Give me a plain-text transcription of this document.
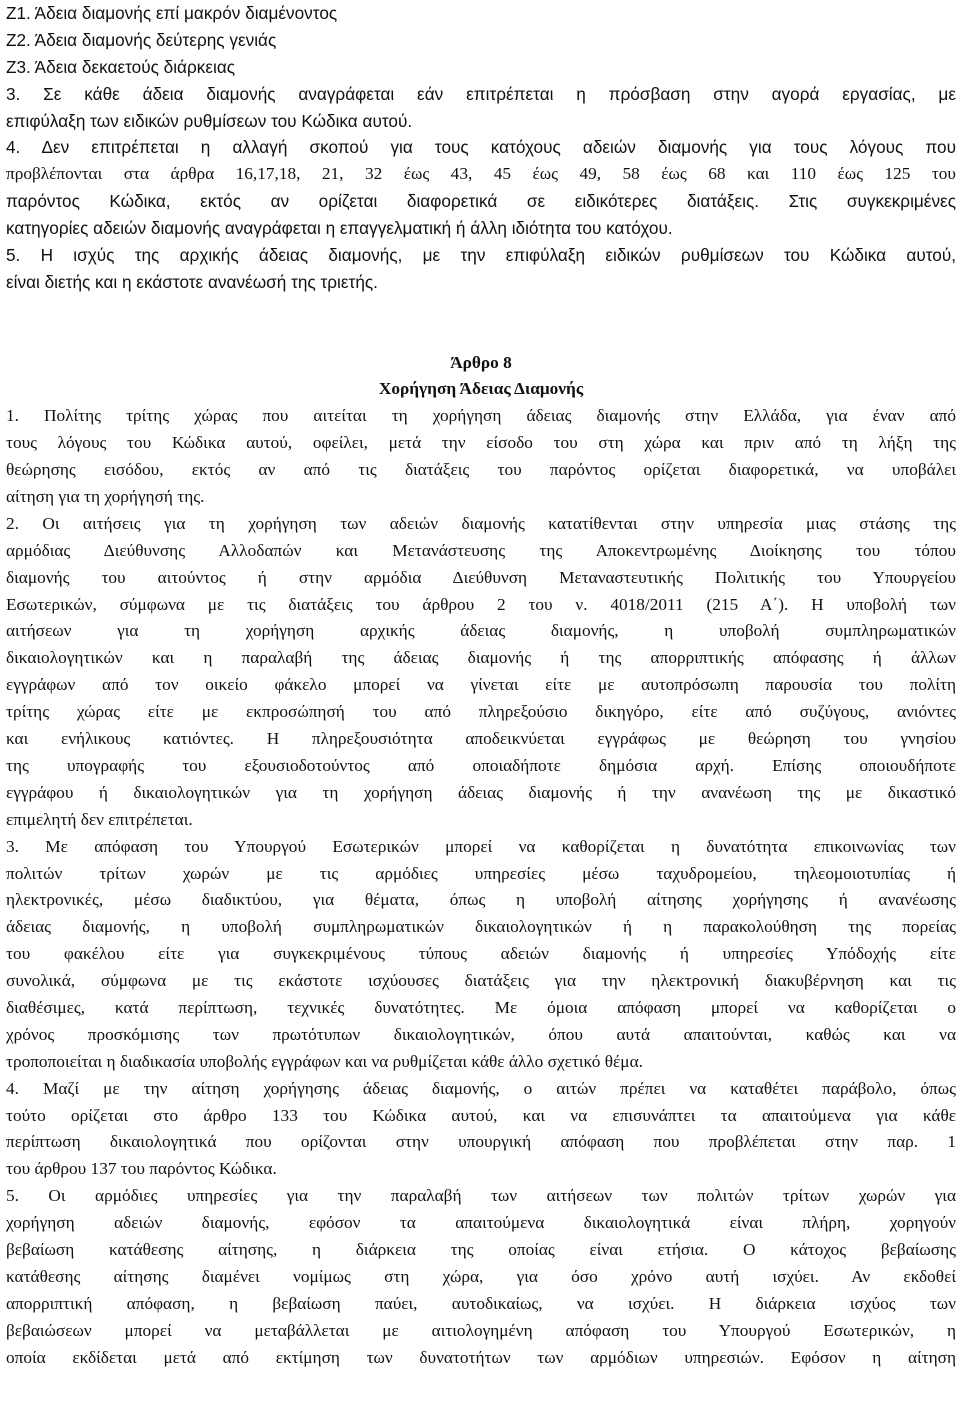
Ζ1. Άδεια διαμονής επί μακρόν διαμένοντος
Ζ2. Άδεια διαμονής δεύτερης γενιάς
Ζ3. Άδεια δεκαετούς διάρκειας
3. Σε κάθε άδεια διαμονής αναγράφεται εάν επιτρέπεται η πρόσβαση στην αγορά εργασίας, με
επιφύλαξη των ειδικών ρυθμίσεων του Κώδικα αυτού.
4. Δεν επιτρέπεται η αλλαγή σκοπού για τους κατόχους αδειών διαμονής για τους λόγους που
προβλέπονται στα άρθρα 16,17,18, 21, 32 έως 43, 45 έως 49, 58 έως 68 και 110 έως 125 του
παρόντος Κώδικα, εκτός αν ορίζεται διαφορετικά σε ειδικότερες διατάξεις. Στις συγκεκριμένες
κατηγορίες αδειών διαμονής αναγράφεται η επαγγελματική ή άλλη ιδιότητα του κατόχου.
5. Η ισχύς της αρχικής άδειας διαμονής, με την επιφύλαξη ειδικών ρυθμίσεων του Κώδικα αυτού,
είναι διετής και η εκάστοτε ανανέωσή της τριετής.
Άρθρο 8
Χορήγηση Άδειας Διαμονής
1. Πολίτης τρίτης χώρας που αιτείται τη χορήγηση άδειας διαμονής στην Ελλάδα, για έναν από
τους λόγους του Κώδικα αυτού, οφείλει, μετά την είσοδο του στη χώρα και πριν από τη λήξη της
θεώρησης εισόδου, εκτός αν από τις διατάξεις του παρόντος ορίζεται διαφορετικά, να υποβάλει
αίτηση για τη χορήγησή της.
2. Οι αιτήσεις για τη χορήγηση των αδειών διαμονής κατατίθενται στην υπηρεσία μιας στάσης της
αρμόδιας Διεύθυνσης Αλλοδαπών και Μετανάστευσης της Αποκεντρωμένης Διοίκησης του τόπου
διαμονής του αιτούντος ή στην αρμόδια Διεύθυνση Μεταναστευτικής Πολιτικής του Υπουργείου
Εσωτερικών, σύμφωνα με τις διατάξεις του άρθρου 2 του ν. 4018/2011 (215 Α΄). Η υποβολή των
αιτήσεων για τη χορήγηση αρχικής άδειας διαμονής, η υποβολή συμπληρωματικών
δικαιολογητικών και η παραλαβή της άδειας διαμονής ή της απορριπτικής απόφασης ή άλλων
εγγράφων από τον οικείο φάκελο μπορεί να γίνεται είτε με αυτοπρόσωπη παρουσία του πολίτη
τρίτης χώρας είτε με εκπροσώπησή του από πληρεξούσιο δικηγόρο, είτε από συζύγους, ανιόντες
και ενήλικους κατιόντες. Η πληρεξουσιότητα αποδεικνύεται εγγράφως με θεώρηση του γνησίου
της υπογραφής του εξουσιοδοτούντος από οποιαδήποτε δημόσια αρχή. Επίσης οποιουδήποτε
εγγράφου ή δικαιολογητικών για τη χορήγηση άδειας διαμονής ή την ανανέωση της με δικαστικό
επιμελητή δεν επιτρέπεται.
3. Με απόφαση του Υπουργού Εσωτερικών μπορεί να καθορίζεται η δυνατότητα επικοινωνίας των
πολιτών τρίτων χωρών με τις αρμόδιες υπηρεσίες μέσω ταχυδρομείου, τηλεομοιοτυπίας ή
ηλεκτρονικές, μέσω διαδικτύου, για θέματα, όπως η υποβολή αίτησης χορήγησης ή ανανέωσης
άδειας διαμονής, η υποβολή συμπληρωματικών δικαιολογητικών ή η παρακολούθηση της πορείας
του φακέλου είτε για συγκεκριμένους τύπους αδειών διαμονής ή υπηρεσίες Υπόδοχής είτε
συνολικά, σύμφωνα με τις εκάστοτε ισχύουσες διατάξεις για την ηλεκτρονική διακυβέρνηση και τις
διαθέσιμες, κατά περίπτωση, τεχνικές δυνατότητες. Με όμοια απόφαση μπορεί να καθορίζεται ο
χρόνος προσκόμισης των πρωτότυπων δικαιολογητικών, όπου αυτά απαιτούνται, καθώς και να
τροποποιείται η διαδικασία υποβολής εγγράφων και να ρυθμίζεται κάθε άλλο σχετικό θέμα.
4. Μαζί με την αίτηση χορήγησης άδειας διαμονής, ο αιτών πρέπει να καταθέτει παράβολο, όπως
τούτο ορίζεται στο άρθρο 133 του Κώδικα αυτού, και να επισυνάπτει τα απαιτούμενα για κάθε
περίπτωση δικαιολογητικά που ορίζονται στην υπουργική απόφαση που προβλέπεται στην παρ. 1
του άρθρου 137 του παρόντος Κώδικα.
5. Οι αρμόδιες υπηρεσίες για την παραλαβή των αιτήσεων των πολιτών τρίτων χωρών για
χορήγηση αδειών διαμονής, εφόσον τα απαιτούμενα δικαιολογητικά είναι πλήρη, χορηγούν
βεβαίωση κατάθεσης αίτησης, η διάρκεια της οποίας είναι ετήσια. Ο κάτοχος βεβαίωσης
κατάθεσης αίτησης διαμένει νομίμως στη χώρα, για όσο χρόνο αυτή ισχύει. Αν εκδοθεί
απορριπτική απόφαση, η βεβαίωση παύει, αυτοδικαίως, να ισχύει. Η διάρκεια ισχύος των
βεβαιώσεων μπορεί να μεταβάλλεται με αιτιολογημένη απόφαση του Υπουργού Εσωτερικών, η
οποία εκδίδεται μετά από εκτίμηση των δυνατοτήτων των αρμόδιων υπηρεσιών. Εφόσον η αίτηση
